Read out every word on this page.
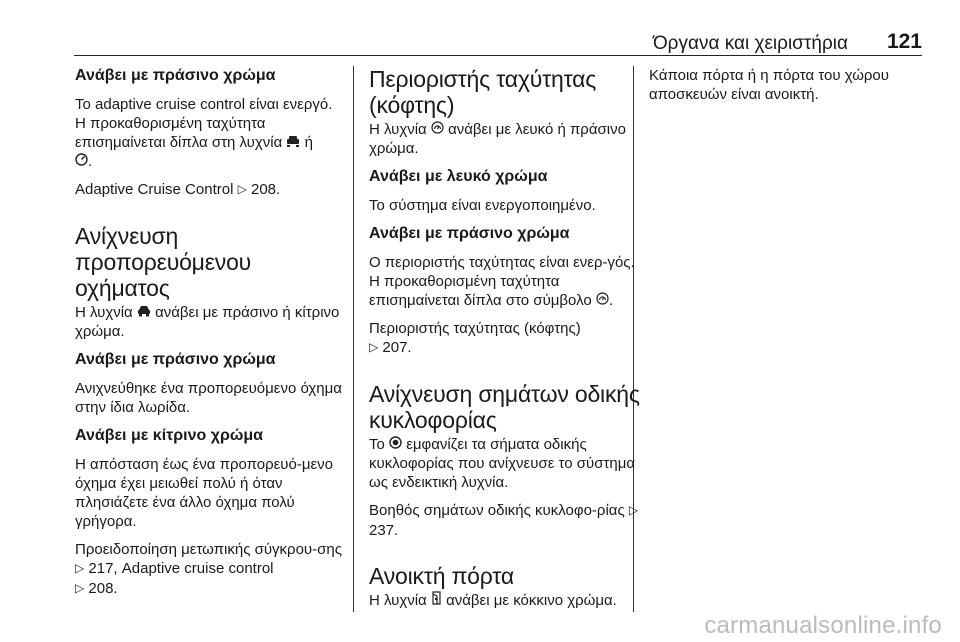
Όργανα και χειριστήρια 121
Ανάβει με πράσινο χρώμα

Το adaptive cruise control είναι ενεργό. Η προκαθορισμένη ταχύτητα επισημαίνεται δίπλα στη λυχνία ή
.

Adaptive Cruise Control ▷ 208.

Ανίχνευση προπορευόμενου οχήματος

Η λυχνία ανάβει με πράσινο ή κίτρινο χρώμα.

Ανάβει με πράσινο χρώμα

Ανιχνεύθηκε ένα προπορευόμενο όχημα στην ίδια λωρίδα.

Ανάβει με κίτρινο χρώμα

Η απόσταση έως ένα προπορευό-μενο όχημα έχει μειωθεί πολύ ή όταν πλησιάζετε ένα άλλο όχημα πολύ γρήγορα.

Προειδοποίηση μετωπικής σύγκρου-σης ▷ 217, Adaptive cruise control
▷ 208.

Περιοριστής ταχύτητας (κόφτης)

Η λυχνία ανάβει με λευκό ή πράσινο χρώμα.

Ανάβει με λευκό χρώμα

Το σύστημα είναι ενεργοποιημένο.

Ανάβει με πράσινο χρώμα

Ο περιοριστής ταχύτητας είναι ενερ-γός. Η προκαθορισμένη ταχύτητα επισημαίνεται δίπλα στο σύμβολο .

Περιοριστής ταχύτητας (κόφτης)
▷ 207.

Ανίχνευση σημάτων οδικής κυκλοφορίας

Το εμφανίζει τα σήματα οδικής κυκλοφορίας που ανίχνευσε το σύστημα ως ενδεικτική λυχνία.

Βοηθός σημάτων οδικής κυκλοφο-ρίας ▷ 237.

Ανοικτή πόρτα

Η λυχνία ανάβει με κόκκινο χρώμα.

Κάποια πόρτα ή η πόρτα του χώρου αποσκευών είναι ανοικτή.

carmanualsonline.info
